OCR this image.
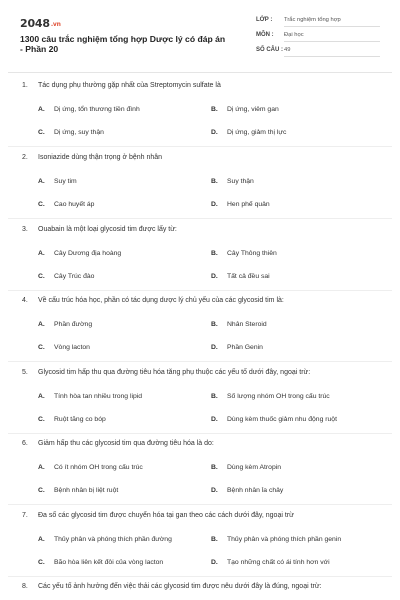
2048.vn
1300 câu trắc nghiệm tổng hợp Dược lý có đáp án - Phần 20
LỚP : Trắc nghiệm tổng hợp
MÔN : Đại học
SỐ CÂU : 49
1. Tác dụng phụ thường gặp nhất của Streptomycin sulfate là
A. Dị ứng, tổn thương tiền đình	B. Dị ứng, viêm gan
C. Dị ứng, suy thận	D. Dị ứng, giảm thị lực
2. Isoniazide dùng thận trọng ở bệnh nhân
A. Suy tim	B. Suy thận
C. Cao huyết áp	D. Hen phế quản
3. Ouabain là một loại glycosid tim được lấy từ:
A. Cây Dương địa hoàng	B. Cây Thông thiên
C. Cây Trúc đào	D. Tất cả đều sai
4. Về cấu trúc hóa học, phần có tác dụng dược lý chủ yếu của các glycosid tim là:
A. Phần đường	B. Nhân Steroid
C. Vòng lacton	D. Phần Genin
5. Glycosid tim hấp thu qua đường tiêu hóa tăng phụ thuộc các yếu tố dưới đây, ngoại trừ:
A. Tính hòa tan nhiều trong lipid	B. Số lượng nhóm OH trong cấu trúc
C. Ruột tăng co bóp	D. Dùng kèm thuốc giảm nhu động ruột
6. Giảm hấp thu các glycosid tim qua đường tiêu hóa là do:
A. Có ít nhóm OH trong cấu trúc	B. Dùng kèm Atropin
C. Bệnh nhân bị liệt ruột	D. Bệnh nhân ỉa chảy
7. Đa số các glycosid tim được chuyển hóa tại gan theo các cách dưới đây, ngoại trừ
A. Thủy phân và phóng thích phần đường	B. Thủy phân và phóng thích phần genin
C. Bão hòa liên kết đôi của vòng lacton	D. Tạo những chất có ái tính hơn với
8. Các yếu tố ảnh hưởng đến việc thải các glycosid tim được nêu dưới đây là đúng, ngoại trừ:
